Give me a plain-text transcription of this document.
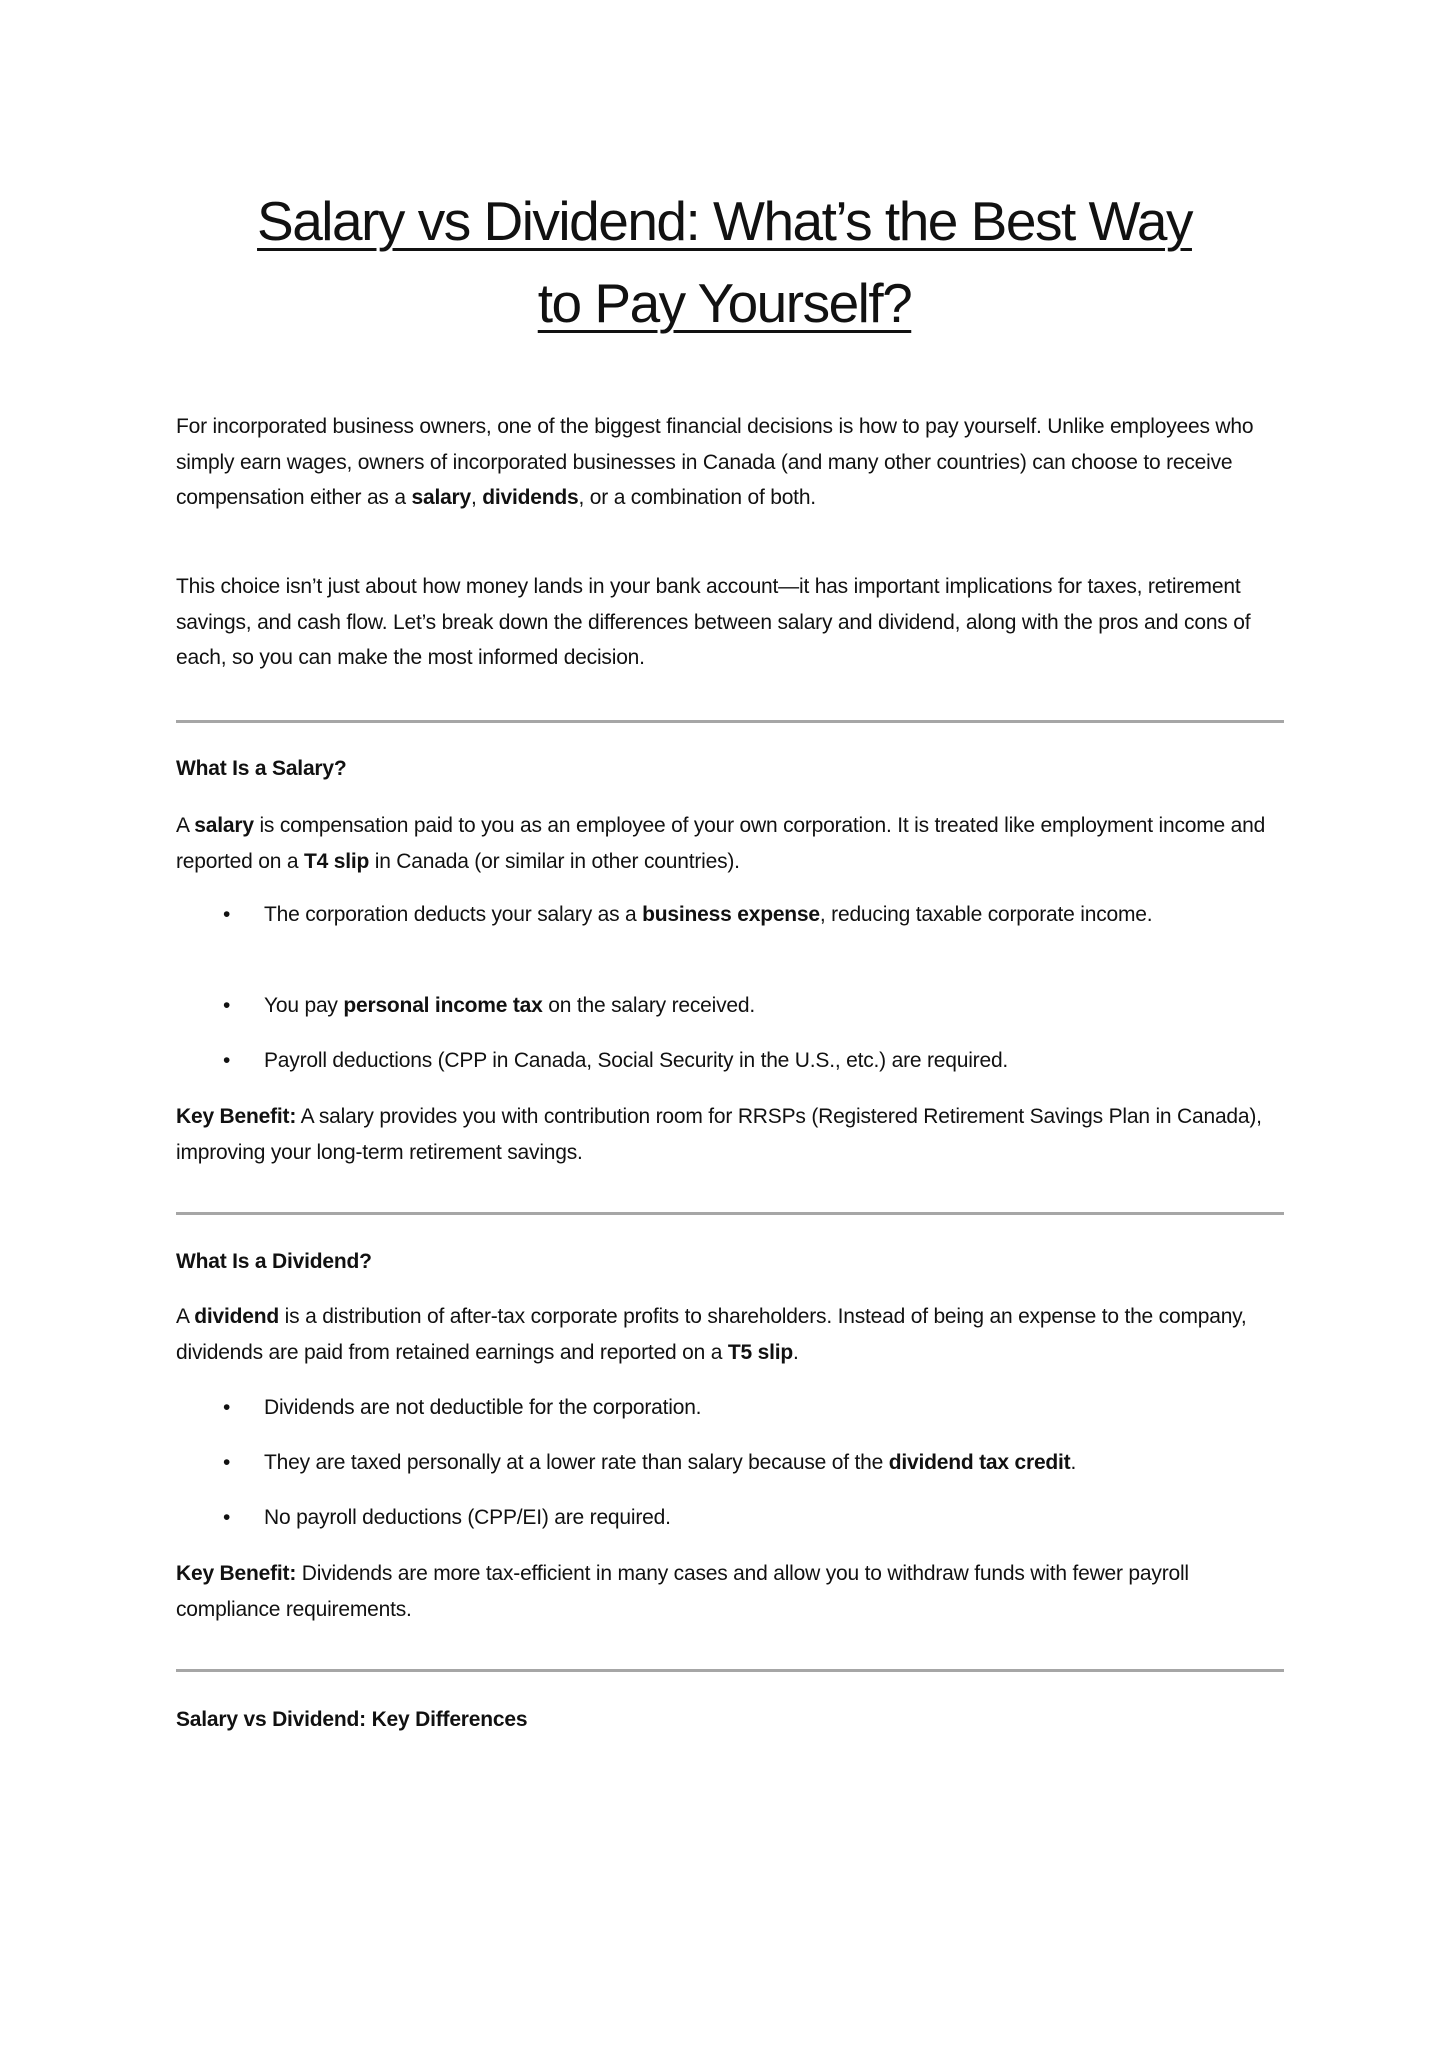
Salary vs Dividend: What’s the Best Way
to Pay Yourself?

For incorporated business owners, one of the biggest financial decisions is how to pay yourself. Unlike employees who simply earn wages, owners of incorporated businesses in Canada (and many other countries) can choose to receive compensation either as a salary, dividends, or a combination of both.

This choice isn’t just about how money lands in your bank account—it has important implications for taxes, retirement savings, and cash flow. Let’s break down the differences between salary and dividend, along with the pros and cons of each, so you can make the most informed decision.

What Is a Salary?

A salary is compensation paid to you as an employee of your own corporation. It is treated like employment income and reported on a T4 slip in Canada (or similar in other countries).

• The corporation deducts your salary as a business expense, reducing taxable corporate income.
• You pay personal income tax on the salary received.
• Payroll deductions (CPP in Canada, Social Security in the U.S., etc.) are required.

Key Benefit: A salary provides you with contribution room for RRSPs (Registered Retirement Savings Plan in Canada), improving your long-term retirement savings.

What Is a Dividend?

A dividend is a distribution of after-tax corporate profits to shareholders. Instead of being an expense to the company, dividends are paid from retained earnings and reported on a T5 slip.

• Dividends are not deductible for the corporation.
• They are taxed personally at a lower rate than salary because of the dividend tax credit.
• No payroll deductions (CPP/EI) are required.

Key Benefit: Dividends are more tax-efficient in many cases and allow you to withdraw funds with fewer payroll compliance requirements.

Salary vs Dividend: Key Differences
